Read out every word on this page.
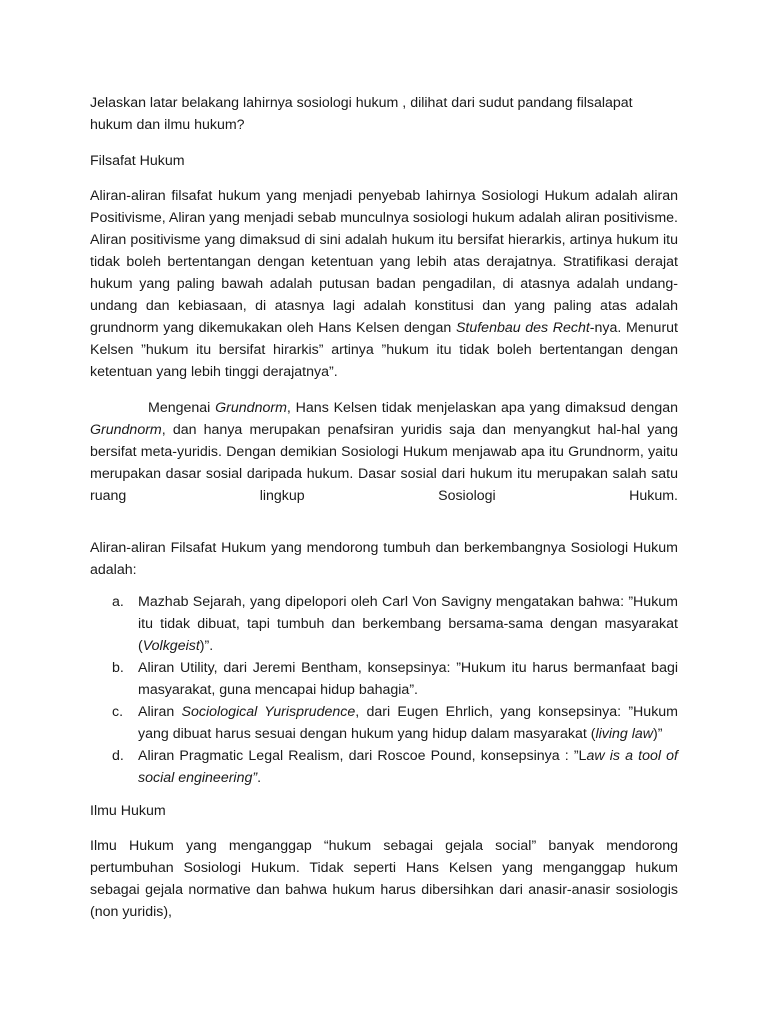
Jelaskan latar belakang lahirnya sosiologi hukum , dilihat dari sudut pandang filsalapat hukum dan ilmu hukum?

Filsafat Hukum

Aliran-aliran filsafat hukum yang menjadi penyebab lahirnya Sosiologi Hukum adalah aliran Positivisme, Aliran yang menjadi sebab munculnya sosiologi hukum adalah aliran positivisme. Aliran positivisme yang dimaksud di sini adalah hukum itu bersifat hierarkis, artinya hukum itu tidak boleh bertentangan dengan ketentuan yang lebih atas derajatnya. Stratifikasi derajat hukum yang paling bawah adalah putusan badan pengadilan, di atasnya adalah undang-undang dan kebiasaan, di atasnya lagi adalah konstitusi dan yang paling atas adalah grundnorm yang dikemukakan oleh Hans Kelsen dengan Stufenbau des Recht-nya. Menurut Kelsen ”hukum itu bersifat hirarkis” artinya ”hukum itu tidak boleh bertentangan dengan ketentuan yang lebih tinggi derajatnya”.

Mengenai Grundnorm, Hans Kelsen tidak menjelaskan apa yang dimaksud dengan Grundnorm, dan hanya merupakan penafsiran yuridis saja dan menyangkut hal-hal yang bersifat meta-yuridis. Dengan demikian Sosiologi Hukum menjawab apa itu Grundnorm, yaitu merupakan dasar sosial daripada hukum. Dasar sosial dari hukum itu merupakan salah satu ruang lingkup Sosiologi Hukum.

Aliran-aliran Filsafat Hukum yang mendorong tumbuh dan berkembangnya Sosiologi Hukum adalah:

a. Mazhab Sejarah, yang dipelopori oleh Carl Von Savigny mengatakan bahwa: ”Hukum itu tidak dibuat, tapi tumbuh dan berkembang bersama-sama dengan masyarakat (Volkgeist)”.
b. Aliran Utility, dari Jeremi Bentham, konsepsinya: ”Hukum itu harus bermanfaat bagi masyarakat, guna mencapai hidup bahagia”.
c. Aliran Sociological Yurisprudence, dari Eugen Ehrlich, yang konsepsinya: ”Hukum yang dibuat harus sesuai dengan hukum yang hidup dalam masyarakat (living law)”
d. Aliran Pragmatic Legal Realism, dari Roscoe Pound, konsepsinya : ”Law is a tool of social engineering”.

Ilmu Hukum

Ilmu Hukum yang menganggap “hukum sebagai gejala social” banyak mendorong pertumbuhan Sosiologi Hukum. Tidak seperti Hans Kelsen yang menganggap hukum sebagai gejala normative dan bahwa hukum harus dibersihkan dari anasir-anasir sosiologis (non yuridis),
